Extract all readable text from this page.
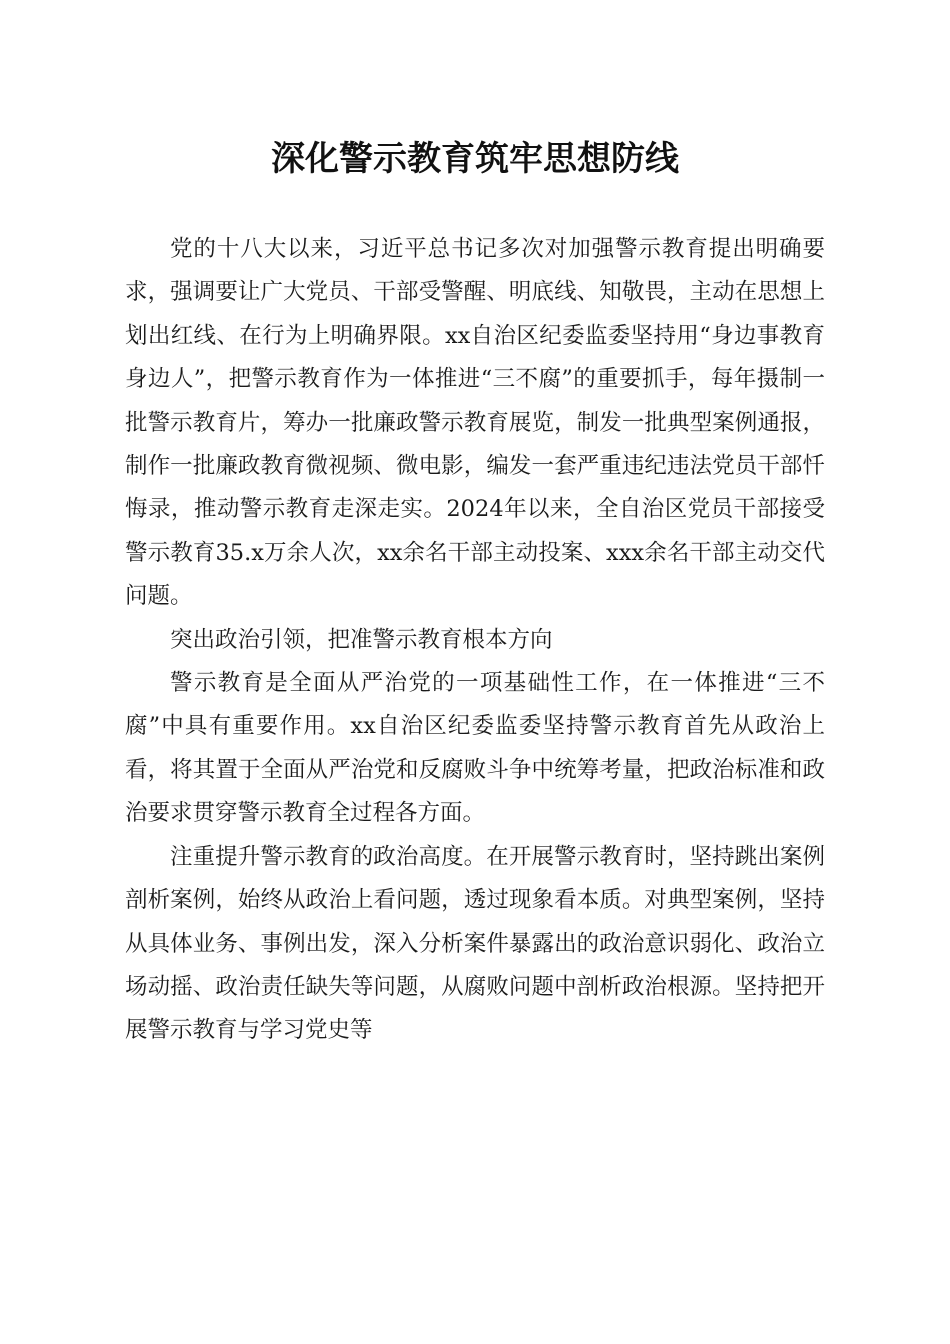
深化警示教育筑牢思想防线

党的十八大以来，习近平总书记多次对加强警示教育提出明确要求，强调要让广大党员、干部受警醒、明底线、知敬畏，主动在思想上划出红线、在行为上明确界限。xx自治区纪委监委坚持用“身边事教育身边人”，把警示教育作为一体推进“三不腐”的重要抓手，每年摄制一批警示教育片，筹办一批廉政警示教育展览，制发一批典型案例通报，制作一批廉政教育微视频、微电影，编发一套严重违纪违法党员干部忏悔录，推动警示教育走深走实。2024年以来，全自治区党员干部接受警示教育35.x万余人次，xx余名干部主动投案、xxx余名干部主动交代问题。

突出政治引领，把准警示教育根本方向

警示教育是全面从严治党的一项基础性工作，在一体推进“三不腐”中具有重要作用。xx自治区纪委监委坚持警示教育首先从政治上看，将其置于全面从严治党和反腐败斗争中统筹考量，把政治标准和政治要求贯穿警示教育全过程各方面。

注重提升警示教育的政治高度。在开展警示教育时，坚持跳出案例剖析案例，始终从政治上看问题，透过现象看本质。对典型案例，坚持从具体业务、事例出发，深入分析案件暴露出的政治意识弱化、政治立场动摇、政治责任缺失等问题，从腐败问题中剖析政治根源。坚持把开展警示教育与学习党史等
